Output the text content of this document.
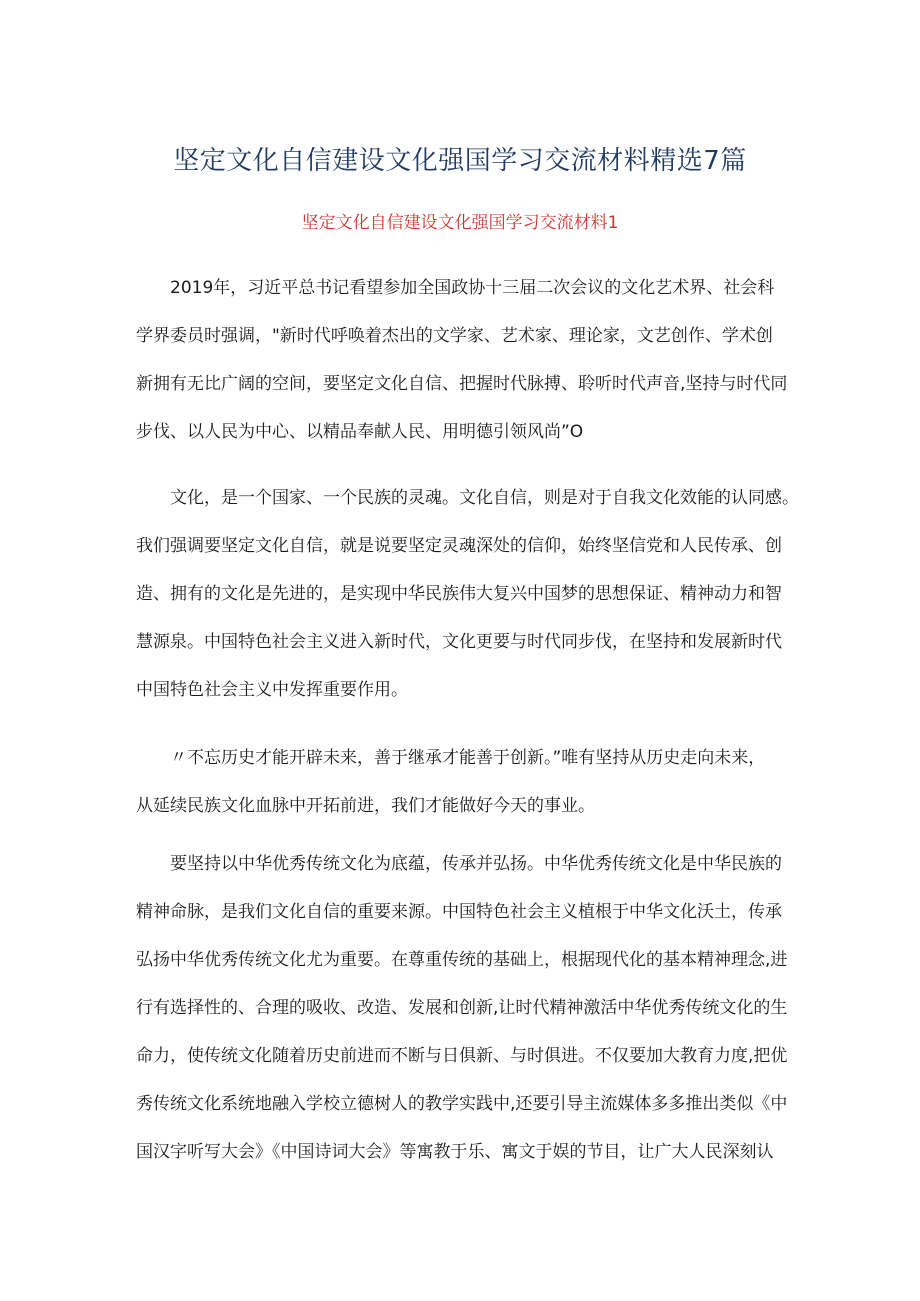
坚定文化自信建设文化强国学习交流材料精选7篇
坚定文化自信建设文化强国学习交流材料1

2019年，习近平总书记看望参加全国政协十三届二次会议的文化艺术界、社会科
学界委员时强调，"新时代呼唤着杰出的文学家、艺术家、理论家，文艺创作、学术创
新拥有无比广阔的空间，要坚定文化自信、把握时代脉搏、聆听时代声音,坚持与时代同
步伐、以人民为中心、以精品奉献人民、用明德引领风尚”O

文化，是一个国家、一个民族的灵魂。文化自信，则是对于自我文化效能的认同感。
我们强调要坚定文化自信，就是说要坚定灵魂深处的信仰，始终坚信党和人民传承、创
造、拥有的文化是先进的，是实现中华民族伟大复兴中国梦的思想保证、精神动力和智
慧源泉。中国特色社会主义进入新时代，文化更要与时代同步伐，在坚持和发展新时代
中国特色社会主义中发挥重要作用。

〃不忘历史才能开辟未来，善于继承才能善于创新。”唯有坚持从历史走向未来，
从延续民族文化血脉中开拓前进，我们才能做好今天的事业。

要坚持以中华优秀传统文化为底蕴，传承并弘扬。中华优秀传统文化是中华民族的
精神命脉，是我们文化自信的重要来源。中国特色社会主义植根于中华文化沃土，传承
弘扬中华优秀传统文化尤为重要。在尊重传统的基础上，根据现代化的基本精神理念,进
行有选择性的、合理的吸收、改造、发展和创新,让时代精神激活中华优秀传统文化的生
命力，使传统文化随着历史前进而不断与日俱新、与时俱进。不仅要加大教育力度,把优
秀传统文化系统地融入学校立德树人的教学实践中,还要引导主流媒体多多推出类似《中
国汉字听写大会》《中国诗词大会》等寓教于乐、寓文于娱的节目，让广大人民深刻认
